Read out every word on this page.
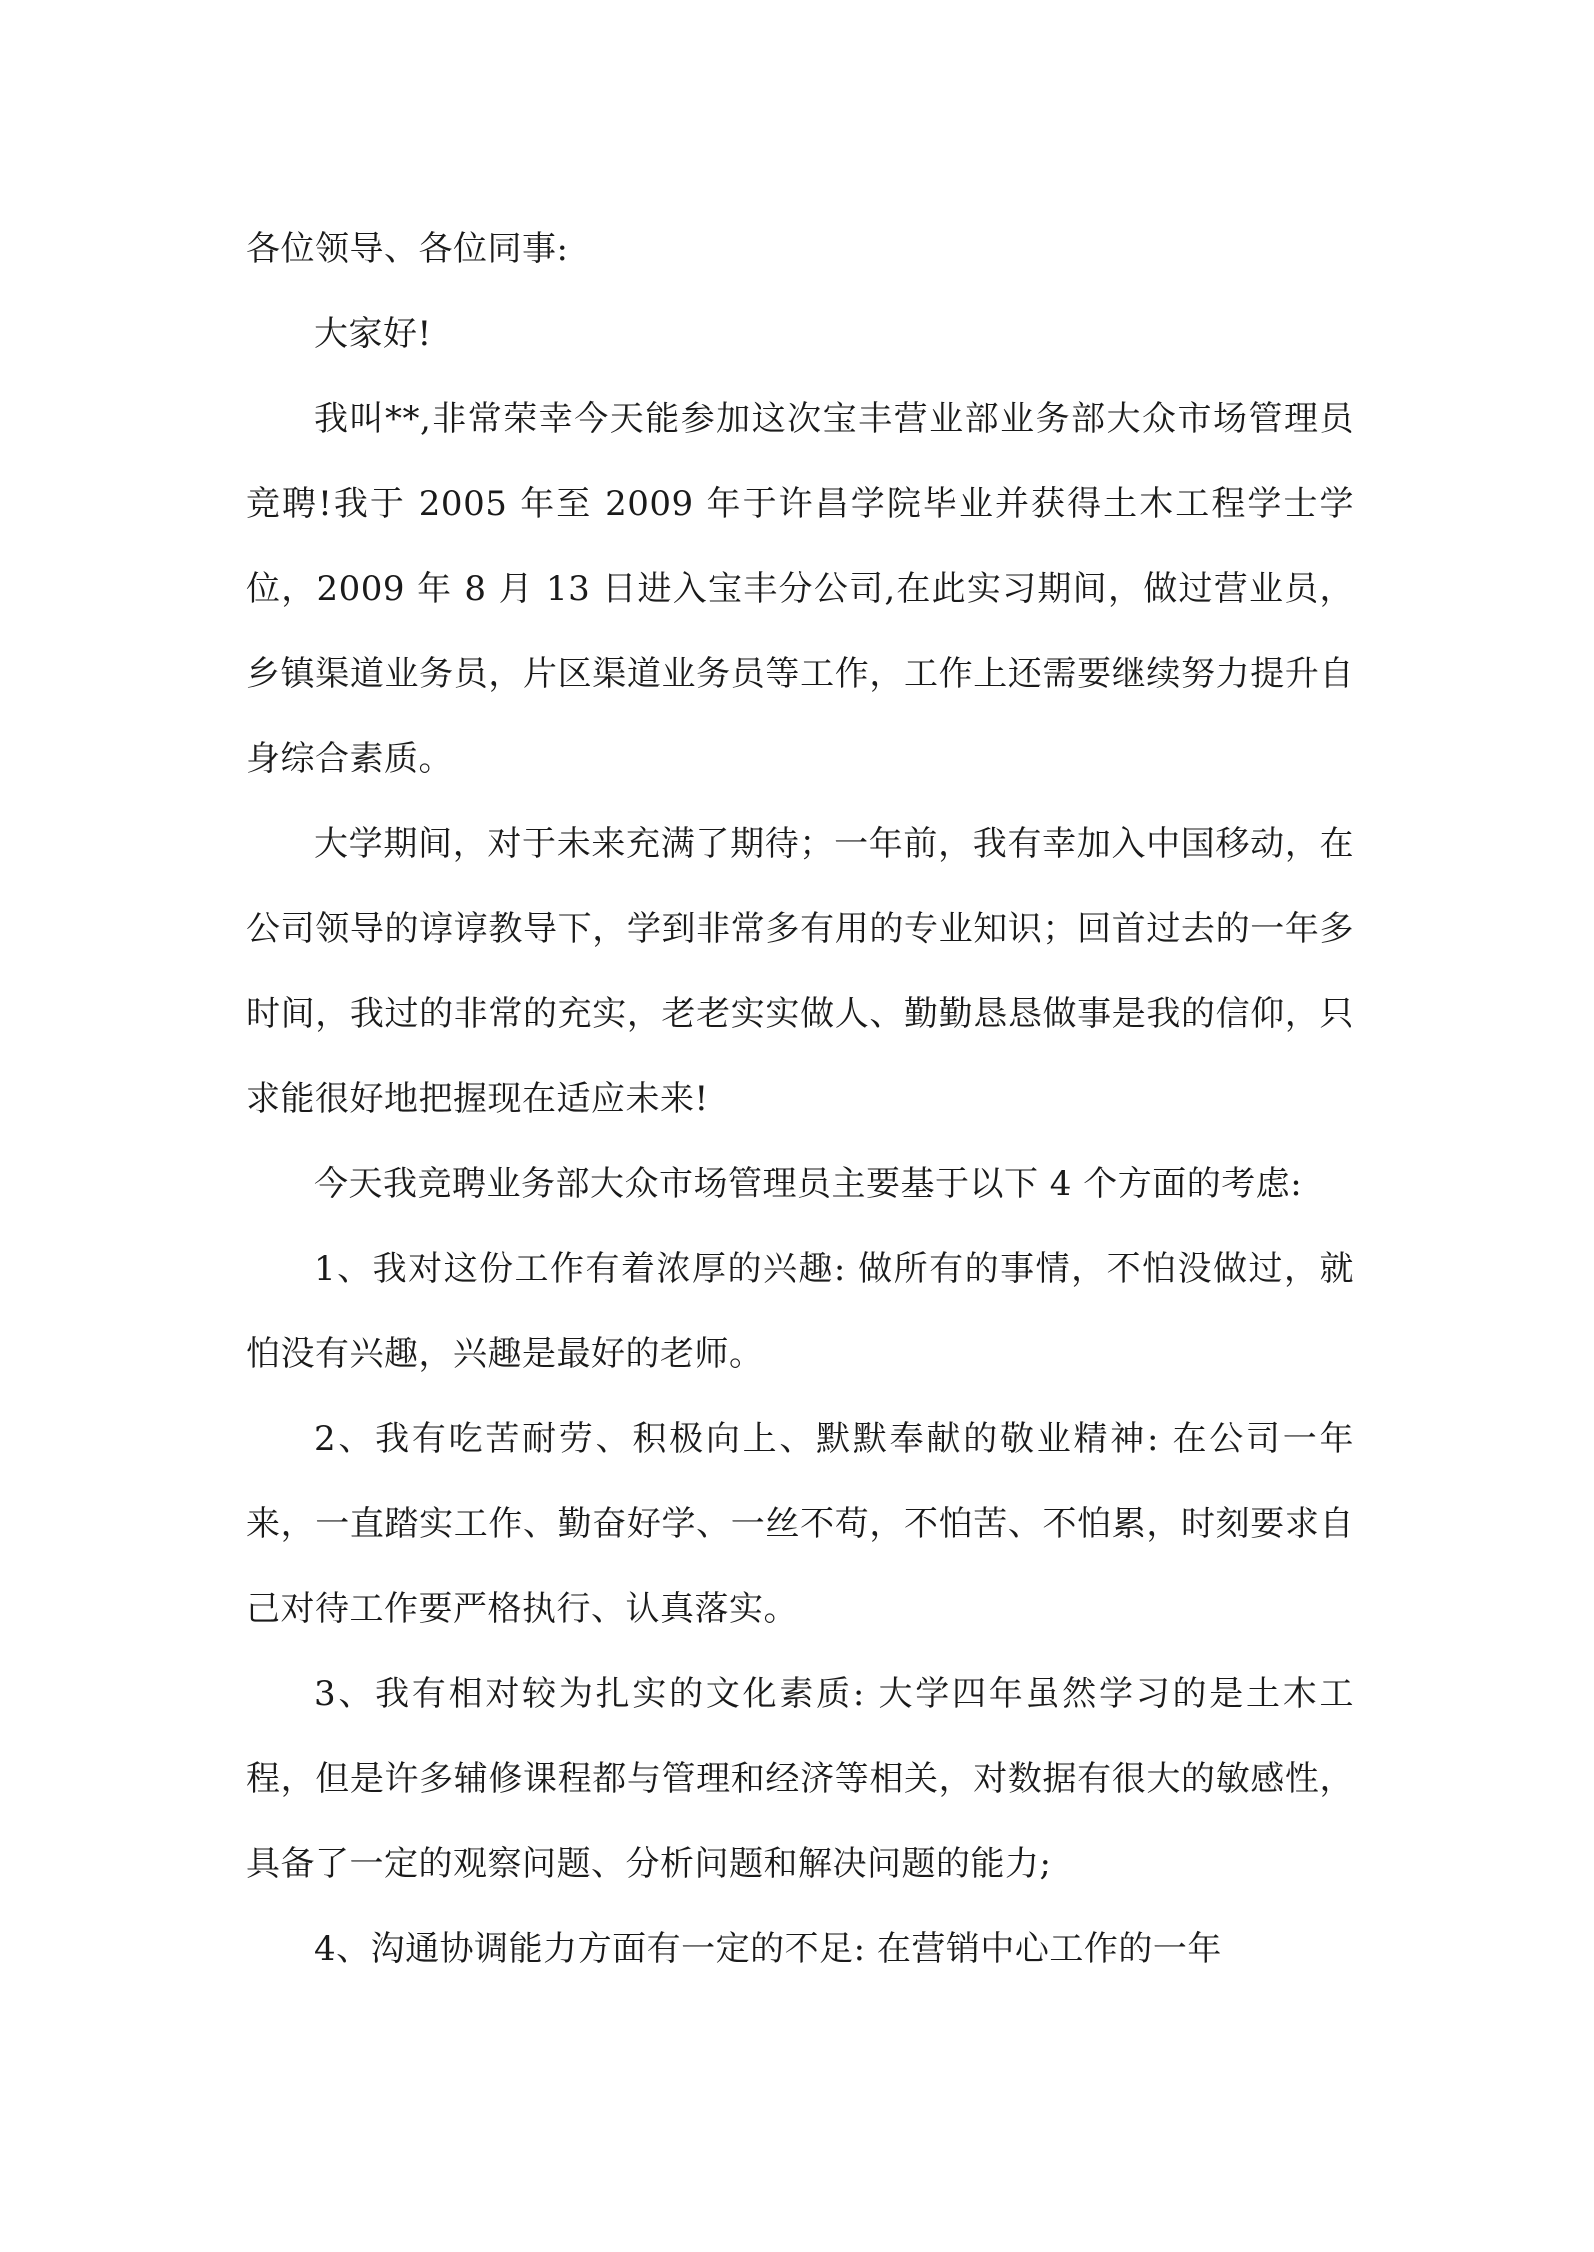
各位领导、各位同事:

大家好!

我叫**,非常荣幸今天能参加这次宝丰营业部业务部大众市场管理员竞聘!我于 2005 年至 2009 年于许昌学院毕业并获得土木工程学士学位，2009 年 8 月 13 日进入宝丰分公司,在此实习期间，做过营业员，乡镇渠道业务员，片区渠道业务员等工作，工作上还需要继续努力提升自身综合素质。

大学期间，对于未来充满了期待；一年前，我有幸加入中国移动，在公司领导的谆谆教导下，学到非常多有用的专业知识；回首过去的一年多时间，我过的非常的充实，老老实实做人、勤勤恳恳做事是我的信仰，只求能很好地把握现在适应未来!

今天我竞聘业务部大众市场管理员主要基于以下 4 个方面的考虑:

1、我对这份工作有着浓厚的兴趣: 做所有的事情，不怕没做过，就怕没有兴趣，兴趣是最好的老师。

2、我有吃苦耐劳、积极向上、默默奉献的敬业精神: 在公司一年来，一直踏实工作、勤奋好学、一丝不苟，不怕苦、不怕累，时刻要求自己对待工作要严格执行、认真落实。

3、我有相对较为扎实的文化素质: 大学四年虽然学习的是土木工程，但是许多辅修课程都与管理和经济等相关，对数据有很大的敏感性，具备了一定的观察问题、分析问题和解决问题的能力;

4、沟通协调能力方面有一定的不足: 在营销中心工作的一年
